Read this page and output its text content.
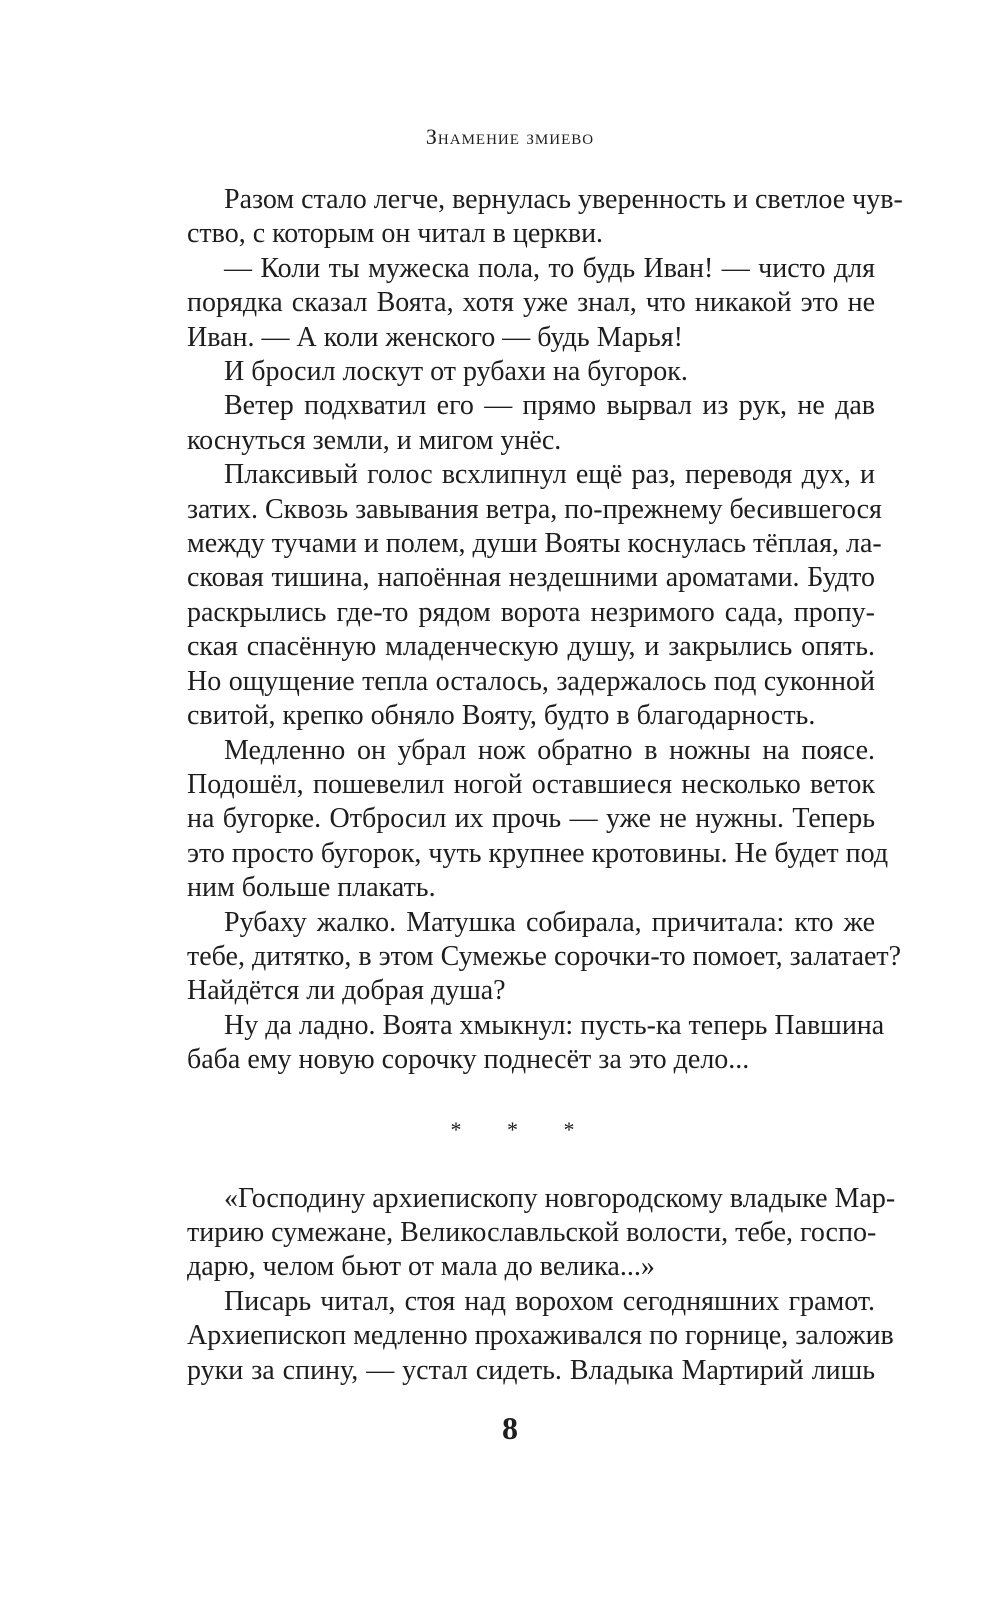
Знамение змиево

Разом стало легче, вернулась уверенность и светлое чув-
ство, с которым он читал в церкви.

— Коли ты мужеска пола, то будь Иван! — чисто для
порядка сказал Воята, хотя уже знал, что никакой это не
Иван. — А коли женского — будь Марья!

И бросил лоскут от рубахи на бугорок.

Ветер подхватил его — прямо вырвал из рук, не дав
коснуться земли, и мигом унёс.

Плаксивый голос всхлипнул ещё раз, переводя дух, и
затих. Сквозь завывания ветра, по-прежнему бесившегося
между тучами и полем, души Вояты коснулась тёплая, ла-
сковая тишина, напоённая нездешними ароматами. Будто
раскрылись где-то рядом ворота незримого сада, пропу-
ская спасённую младенческую душу, и закрылись опять.
Но ощущение тепла осталось, задержалось под суконной
свитой, крепко обняло Вояту, будто в благодарность.

Медленно он убрал нож обратно в ножны на поясе.
Подошёл, пошевелил ногой оставшиеся несколько веток
на бугорке. Отбросил их прочь — уже не нужны. Теперь
это просто бугорок, чуть крупнее кротовины. Не будет под
ним больше плакать.

Рубаху жалко. Матушка собирала, причитала: кто же
тебе, дитятко, в этом Сумежье сорочки-то помоет, залатает?
Найдётся ли добрая душа?

Ну да ладно. Воята хмыкнул: пусть-ка теперь Павшина
баба ему новую сорочку поднесёт за это дело...

* * *

«Господину архиепископу новгородскому владыке Мар-
тирию сумежане, Великославльской волости, тебе, госпо-
дарю, челом бьют от мала до велика...»

Писарь читал, стоя над ворохом сегодняшних грамот.
Архиепископ медленно прохаживался по горнице, заложив
руки за спину, — устал сидеть. Владыка Мартирий лишь

8
